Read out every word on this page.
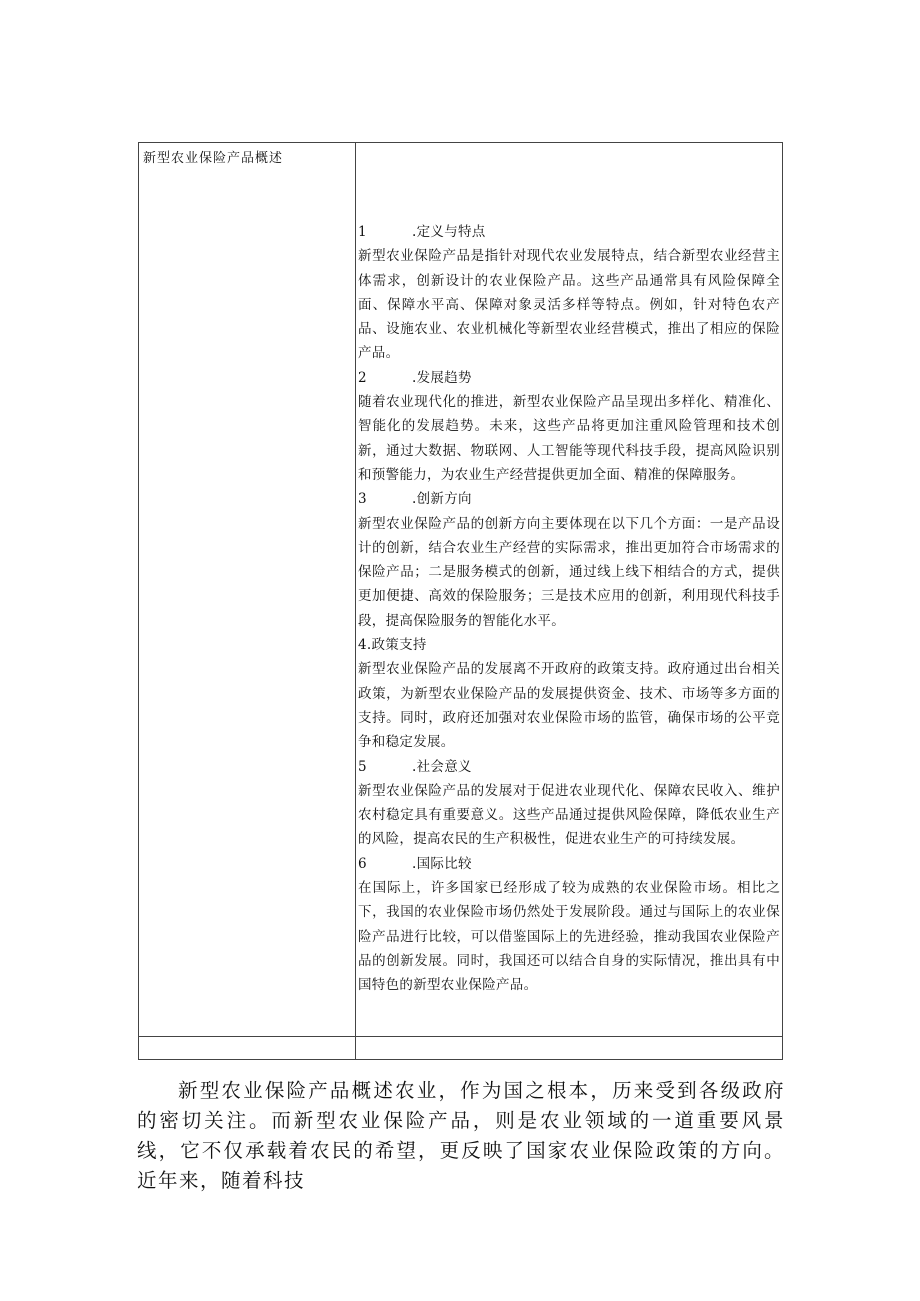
新型农业保险产品概述
1	.定义与特点
新型农业保险产品是指针对现代农业发展特点，结合新型农业经营主体需求，创新设计的农业保险产品。这些产品通常具有风险保障全面、保障水平高、保障对象灵活多样等特点。例如，针对特色农产品、设施农业、农业机械化等新型农业经营模式，推出了相应的保险产品。
2	.发展趋势
随着农业现代化的推进，新型农业保险产品呈现出多样化、精准化、智能化的发展趋势。未来，这些产品将更加注重风险管理和技术创新，通过大数据、物联网、人工智能等现代科技手段，提高风险识别和预警能力，为农业生产经营提供更加全面、精准的保障服务。
3	.创新方向
新型农业保险产品的创新方向主要体现在以下几个方面：一是产品设计的创新，结合农业生产经营的实际需求，推出更加符合市场需求的保险产品；二是服务模式的创新，通过线上线下相结合的方式，提供更加便捷、高效的保险服务；三是技术应用的创新，利用现代科技手段，提高保险服务的智能化水平。
4.政策支持
新型农业保险产品的发展离不开政府的政策支持。政府通过出台相关政策，为新型农业保险产品的发展提供资金、技术、市场等多方面的支持。同时，政府还加强对农业保险市场的监管，确保市场的公平竞争和稳定发展。
5	.社会意义
新型农业保险产品的发展对于促进农业现代化、保障农民收入、维护农村稳定具有重要意义。这些产品通过提供风险保障，降低农业生产的风险，提高农民的生产积极性，促进农业生产的可持续发展。
6	.国际比较
在国际上，许多国家已经形成了较为成熟的农业保险市场。相比之下，我国的农业保险市场仍然处于发展阶段。通过与国际上的农业保险产品进行比较，可以借鉴国际上的先进经验，推动我国农业保险产品的创新发展。同时，我国还可以结合自身的实际情况，推出具有中国特色的新型农业保险产品。
新型农业保险产品概述农业，作为国之根本，历来受到各级政府的密切关注。而新型农业保险产品，则是农业领域的一道重要风景线，它不仅承载着农民的希望，更反映了国家农业保险政策的方向。近年来，随着科技
